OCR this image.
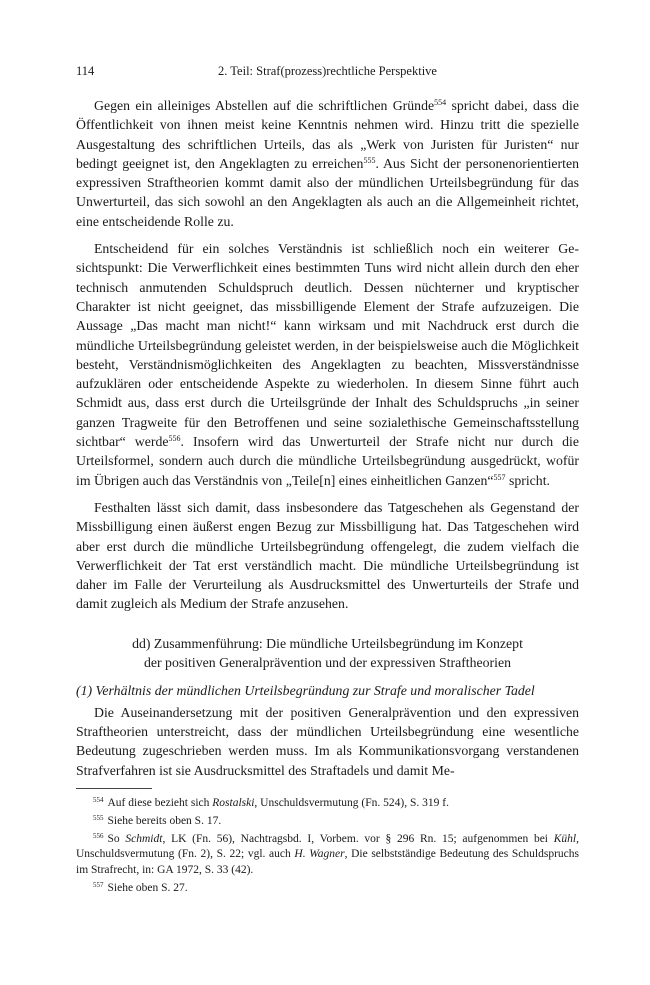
114	2. Teil: Straf(prozess)rechtliche Perspektive

Gegen ein alleiniges Abstellen auf die schriftlichen Gründe$^{554}$ spricht dabei, dass die Öffentlichkeit von ihnen meist keine Kenntnis nehmen wird. Hinzu tritt die spezielle Ausgestaltung des schriftlichen Urteils, das als „Werk von Juristen für Juristen“ nur bedingt geeignet ist, den Angeklagten zu erreichen$^{555}$. Aus Sicht der personenorientierten expressiven Straftheorien kommt damit also der mündlichen Urteilsbegründung für das Unwerturteil, das sich sowohl an den Angeklagten als auch an die Allgemeinheit richtet, eine entscheidende Rolle zu.

Entscheidend für ein solches Verständnis ist schließlich noch ein weiterer Gesichtspunkt: Die Verwerflichkeit eines bestimmten Tuns wird nicht allein durch den eher technisch anmutenden Schuldspruch deutlich. Dessen nüchterner und kryptischer Charakter ist nicht geeignet, das missbilligende Element der Strafe aufzuzeigen. Die Aussage „Das macht man nicht!“ kann wirksam und mit Nachdruck erst durch die mündliche Urteilsbegründung geleistet werden, in der beispielsweise auch die Möglichkeit besteht, Verständnismöglichkeiten des Angeklagten zu beachten, Missverständnisse aufzuklären oder entscheidende Aspekte zu wiederholen. In diesem Sinne führt auch Schmidt aus, dass erst durch die Urteilsgründe der Inhalt des Schuldspruchs „in seiner ganzen Tragweite für den Betroffenen und seine sozialethische Gemeinschaftsstellung sichtbar“ werde$^{556}$. Insofern wird das Unwerturteil der Strafe nicht nur durch die Urteilsformel, sondern auch durch die mündliche Urteilsbegründung ausgedrückt, wofür im Übrigen auch das Verständnis von „Teile[n] eines einheitlichen Ganzen“$^{557}$ spricht.

Festhalten lässt sich damit, dass insbesondere das Tatgeschehen als Gegenstand der Missbilligung einen äußerst engen Bezug zur Missbilligung hat. Das Tatgeschehen wird aber erst durch die mündliche Urteilsbegründung offengelegt, die zudem vielfach die Verwerflichkeit der Tat erst verständlich macht. Die mündliche Urteilsbegründung ist daher im Falle der Verurteilung als Ausdrucksmittel des Unwerturteils der Strafe und damit zugleich als Medium der Strafe anzusehen.

dd) Zusammenführung: Die mündliche Urteilsbegründung im Konzept
der positiven Generalprävention und der expressiven Straftheorien
(1) Verhältnis der mündlichen Urteilsbegründung zur Strafe und moralischer Tadel

Die Auseinandersetzung mit der positiven Generalprävention und den expressiven Straftheorien unterstreicht, dass der mündlichen Urteilsbegründung eine wesentliche Bedeutung zugeschrieben werden muss. Im als Kommunikationsvorgang verstandenen Strafverfahren ist sie Ausdrucksmittel des Straftadels und damit Me-

$^{554}$ Auf diese bezieht sich Rostalski, Unschuldsvermutung (Fn. 524), S. 319 f.

$^{555}$ Siehe bereits oben S. 17.

$^{556}$ So Schmidt, LK (Fn. 56), Nachtragsbd. I, Vorbem. vor § 296 Rn. 15; aufgenommen bei Kühl, Unschuldsvermutung (Fn. 2), S. 22; vgl. auch H. Wagner, Die selbstständige Bedeutung des Schuldspruchs im Strafrecht, in: GA 1972, S. 33 (42).

$^{557}$ Siehe oben S. 27.
